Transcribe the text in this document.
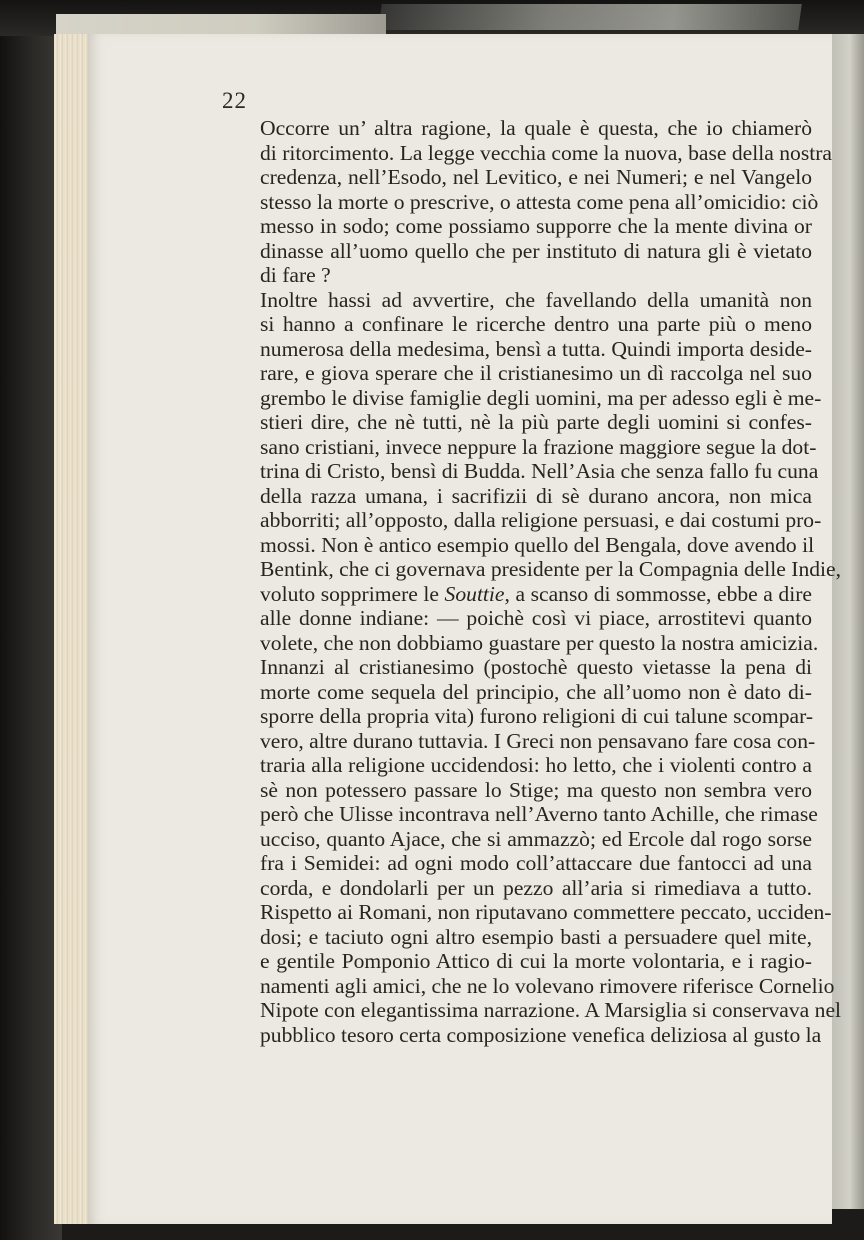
22

Occorre un’ altra ragione, la quale è questa, che io chiamerò
di ritorcimento. La legge vecchia come la nuova, base della nostra
credenza, nell’Esodo, nel Levitico, e nei Numeri; e nel Vangelo
stesso la morte o prescrive, o attesta come pena all’omicidio: ciò
messo in sodo; come possiamo supporre che la mente divina or
dinasse all’uomo quello che per instituto di natura gli è vietato
di fare ?

Inoltre hassi ad avvertire, che favellando della umanità non
si hanno a confinare le ricerche dentro una parte più o meno
numerosa della medesima, bensì a tutta. Quindi importa deside-
rare, e giova sperare che il cristianesimo un dì raccolga nel suo
grembo le divise famiglie degli uomini, ma per adesso egli è me-
stieri dire, che nè tutti, nè la più parte degli uomini si confes-
sano cristiani, invece neppure la frazione maggiore segue la dot-
trina di Cristo, bensì di Budda. Nell’Asia che senza fallo fu cuna
della razza umana, i sacrifizii di sè durano ancora, non mica
abborriti; all’opposto, dalla religione persuasi, e dai costumi pro-
mossi. Non è antico esempio quello del Bengala, dove avendo il
Bentink, che ci governava presidente per la Compagnia delle Indie,
voluto sopprimere le Souttie, a scanso di sommosse, ebbe a dire
alle donne indiane: — poichè così vi piace, arrostitevi quanto
volete, che non dobbiamo guastare per questo la nostra amicizia.

Innanzi al cristianesimo (postochè questo vietasse la pena di
morte come sequela del principio, che all’uomo non è dato di-
sporre della propria vita) furono religioni di cui talune scompar-
vero, altre durano tuttavia. I Greci non pensavano fare cosa con-
traria alla religione uccidendosi: ho letto, che i violenti contro a
sè non potessero passare lo Stige; ma questo non sembra vero
però che Ulisse incontrava nell’Averno tanto Achille, che rimase
ucciso, quanto Ajace, che si ammazzò; ed Ercole dal rogo sorse
fra i Semidei: ad ogni modo coll’attaccare due fantocci ad una
corda, e dondolarli per un pezzo all’aria si rimediava a tutto.
Rispetto ai Romani, non riputavano commettere peccato, ucciden-
dosi; e taciuto ogni altro esempio basti a persuadere quel mite,
e gentile Pomponio Attico di cui la morte volontaria, e i ragio-
namenti agli amici, che ne lo volevano rimovere riferisce Cornelio
Nipote con elegantissima narrazione. A Marsiglia si conservava nel
pubblico tesoro certa composizione venefica deliziosa al gusto la
